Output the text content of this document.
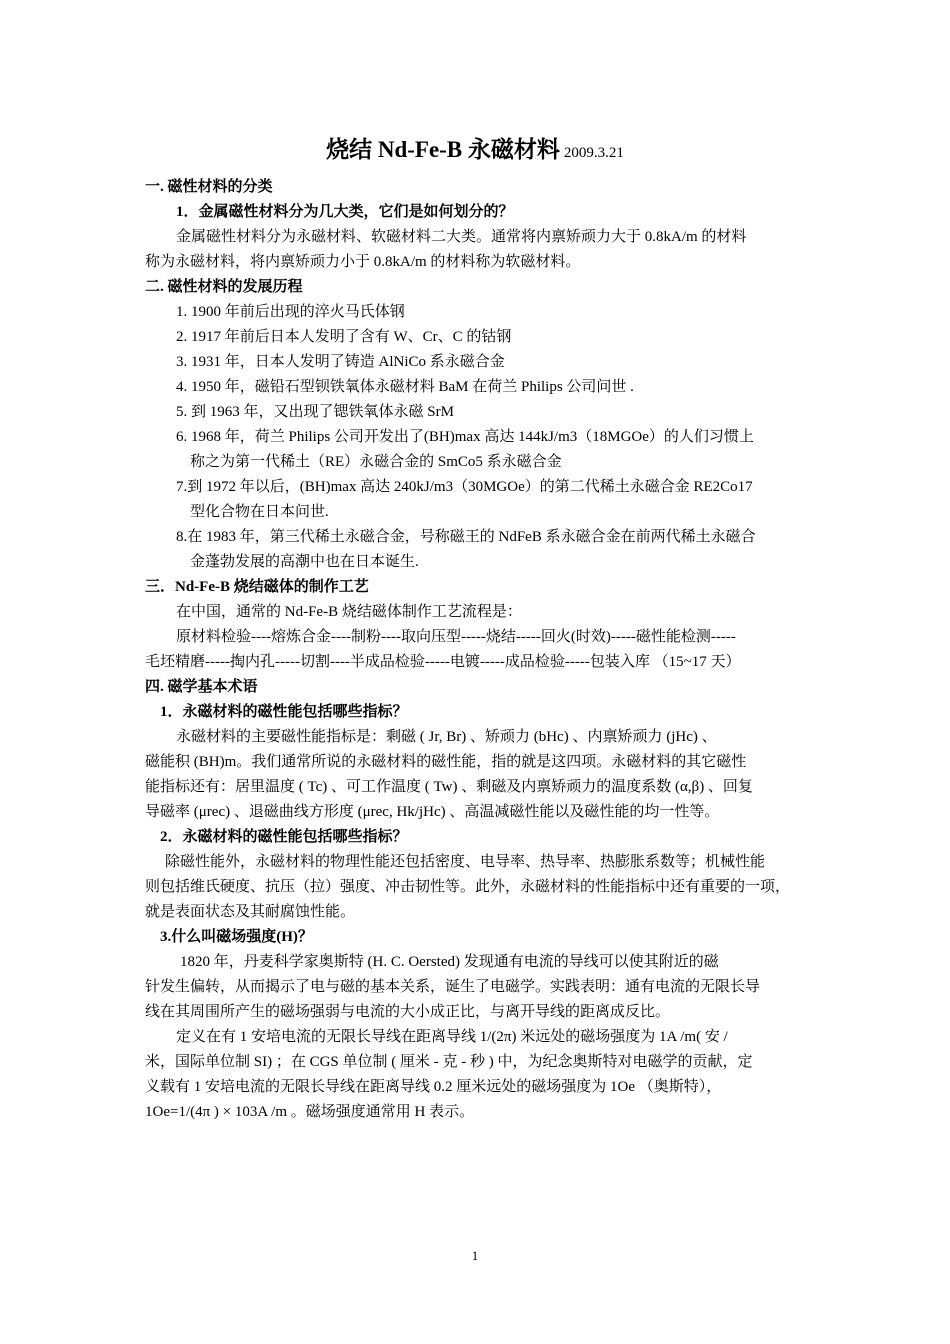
烧结 Nd-Fe-B 永磁材料 2009.3.21
一. 磁性材料的分类
1．金属磁性材料分为几大类，它们是如何划分的？
金属磁性材料分为永磁材料、软磁材料二大类。通常将内禀矫顽力大于 0.8kA/m 的材料
称为永磁材料，将内禀矫顽力小于 0.8kA/m 的材料称为软磁材料。
二. 磁性材料的发展历程
1. 1900 年前后出现的淬火马氏体钢
2. 1917 年前后日本人发明了含有 W、Cr、C 的钴钢
3. 1931 年，日本人发明了铸造 AlNiCo 系永磁合金
4. 1950 年，磁铅石型钡铁氧体永磁材料 BaM 在荷兰 Philips 公司问世 .
5. 到 1963 年，又出现了锶铁氧体永磁 SrM
6. 1968 年，荷兰 Philips 公司开发出了(BH)max 高达 144kJ/m3（18MGOe）的人们习惯上
称之为第一代稀土（RE）永磁合金的 SmCo5 系永磁合金
7.到 1972 年以后，(BH)max 高达 240kJ/m3（30MGOe）的第二代稀土永磁合金 RE2Co17
型化合物在日本问世.
8.在 1983 年，第三代稀土永磁合金，号称磁王的 NdFeB 系永磁合金在前两代稀土永磁合
金蓬勃发展的高潮中也在日本诞生.
三．Nd-Fe-B 烧结磁体的制作工艺
在中国，通常的 Nd-Fe-B 烧结磁体制作工艺流程是：
原材料检验----熔炼合金----制粉----取向压型-----烧结-----回火(时效)-----磁性能检测-----
毛坯精磨-----掏内孔-----切割----半成品检验-----电镀-----成品检验-----包装入库 （15~17 天）
四. 磁学基本术语
1．永磁材料的磁性能包括哪些指标？
永磁材料的主要磁性能指标是：剩磁 ( Jr, Br) 、矫顽力 (bHc) 、内禀矫顽力 (jHc) 、
磁能积 (BH)m。我们通常所说的永磁材料的磁性能，指的就是这四项。永磁材料的其它磁性
能指标还有：居里温度 ( Tc) 、可工作温度 ( Tw) 、剩磁及内禀矫顽力的温度系数 (α,β) 、回复
导磁率 (μrec) 、退磁曲线方形度 (μrec, Hk/jHc) 、高温减磁性能以及磁性能的均一性等。
2．永磁材料的磁性能包括哪些指标？
除磁性能外，永磁材料的物理性能还包括密度、电导率、热导率、热膨胀系数等；机械性能
则包括维氏硬度、抗压（拉）强度、冲击韧性等。此外，永磁材料的性能指标中还有重要的一项，
就是表面状态及其耐腐蚀性能。
3.什么叫磁场强度(H)？
1820 年，丹麦科学家奥斯特 (H. C. Oersted) 发现通有电流的导线可以使其附近的磁
针发生偏转，从而揭示了电与磁的基本关系，诞生了电磁学。实践表明：通有电流的无限长导
线在其周围所产生的磁场强弱与电流的大小成正比，与离开导线的距离成反比。
定义在有 1 安培电流的无限长导线在距离导线 1/(2π) 米远处的磁场强度为 1A /m( 安 /
米，国际单位制 SI) ；在 CGS 单位制 ( 厘米 - 克 - 秒 ) 中，为纪念奥斯特对电磁学的贡献，定
义载有 1 安培电流的无限长导线在距离导线 0.2 厘米远处的磁场强度为 1Oe （奥斯特），
1Oe=1/(4π ) × 103A /m 。磁场强度通常用 H 表示。
1
